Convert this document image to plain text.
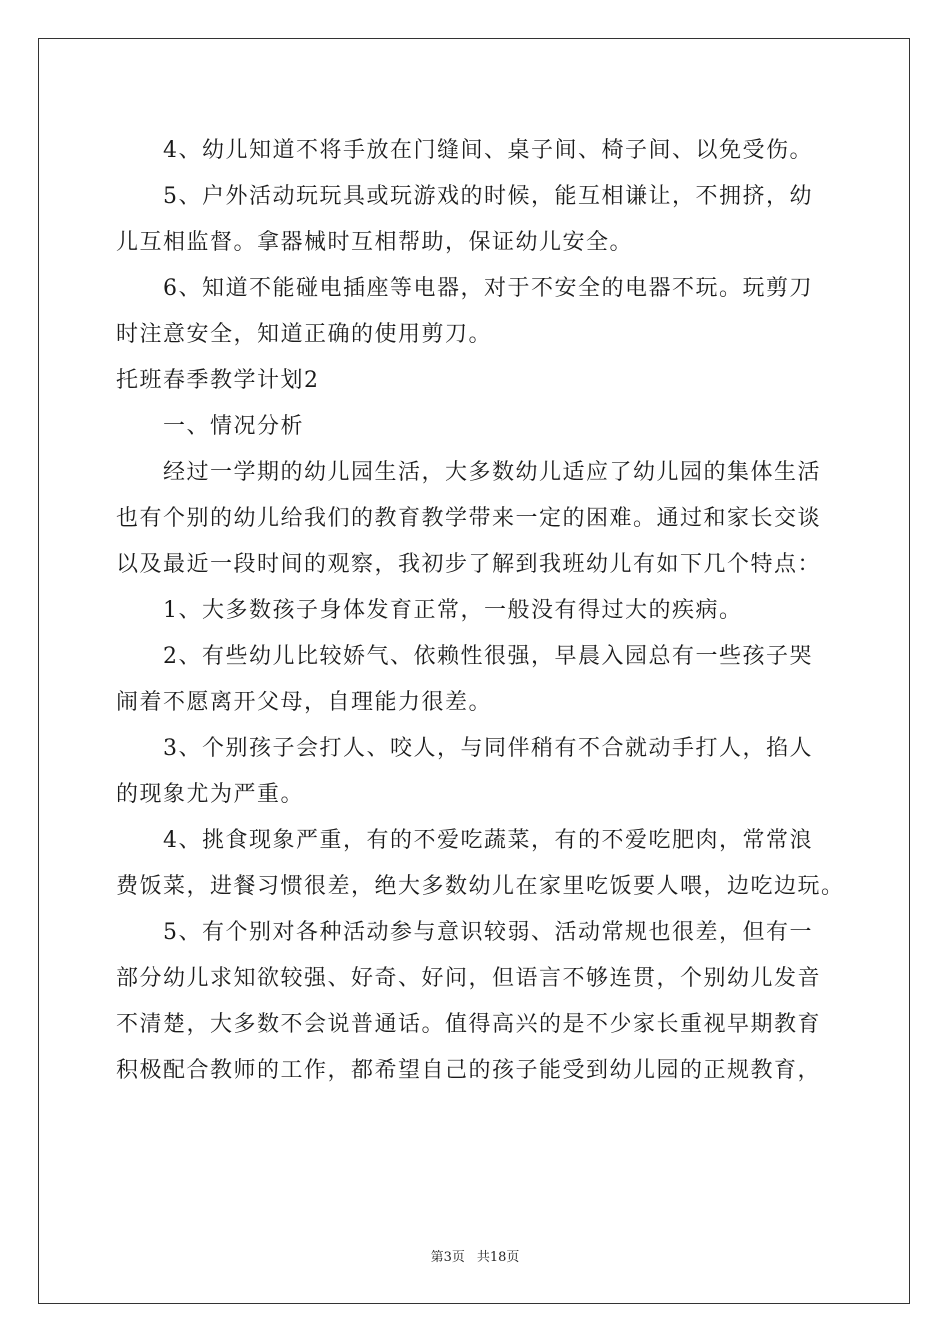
　　4、幼儿知道不将手放在门缝间、桌子间、椅子间、以免受伤。
　　5、户外活动玩玩具或玩游戏的时候，能互相谦让，不拥挤，幼
儿互相监督。拿器械时互相帮助，保证幼儿安全。
　　6、知道不能碰电插座等电器，对于不安全的电器不玩。玩剪刀
时注意安全，知道正确的使用剪刀。
托班春季教学计划2
　　一、情况分析
　　经过一学期的幼儿园生活，大多数幼儿适应了幼儿园的集体生活
也有个别的幼儿给我们的教育教学带来一定的困难。通过和家长交谈
以及最近一段时间的观察，我初步了解到我班幼儿有如下几个特点：
　　1、大多数孩子身体发育正常，一般没有得过大的疾病。
　　2、有些幼儿比较娇气、依赖性很强，早晨入园总有一些孩子哭
闹着不愿离开父母，自理能力很差。
　　3、个别孩子会打人、咬人，与同伴稍有不合就动手打人，掐人
的现象尤为严重。
　　4、挑食现象严重，有的不爱吃蔬菜，有的不爱吃肥肉，常常浪
费饭菜，进餐习惯很差，绝大多数幼儿在家里吃饭要人喂，边吃边玩。
　　5、有个别对各种活动参与意识较弱、活动常规也很差，但有一
部分幼儿求知欲较强、好奇、好问，但语言不够连贯，个别幼儿发音
不清楚，大多数不会说普通话。值得高兴的是不少家长重视早期教育
积极配合教师的工作，都希望自己的孩子能受到幼儿园的正规教育，
第3页 共18页
